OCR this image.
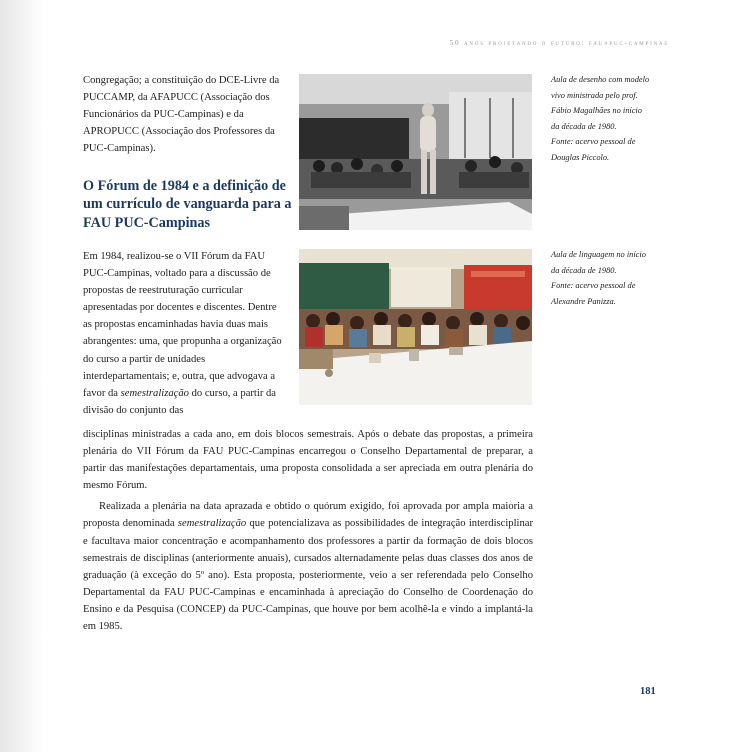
50 anos projetando o futuro: fau»puc-campinas

Congregação; a constituição do DCE-Livre da PUCCAMP, da AFAPUCC (Associação dos Funcionários da PUC-Campinas) e da APROPUCC (Associação dos Professores da PUC-Campinas).

O Fórum de 1984 e a definição de um currículo de vanguarda para a FAU PUC-Campinas

Em 1984, realizou-se o VII Fórum da FAU PUC-Campinas, voltado para a discussão de propostas de reestruturação curricular apresentadas por docentes e discentes. Dentre as propostas encaminhadas havia duas mais abrangentes: uma, que propunha a organização do curso a partir de unidades interdepartamentais; e, outra, que advogava a favor da semestralização do curso, a partir da divisão do conjunto das

disciplinas ministradas a cada ano, em dois blocos semestrais. Após o debate das propostas, a primeira plenária do VII Fórum da FAU PUC-Campinas encarregou o Conselho Departamental de preparar, a partir das manifestações departamentais, uma proposta consolidada a ser apreciada em outra plenária do mesmo Fórum.

Realizada a plenária na data aprazada e obtido o quórum exigido, foi aprovada por ampla maioria a proposta denominada semestralização que potencializava as possibilidades de integração interdisciplinar e facultava maior concentração e acompanhamento dos professores a partir da formação de dois blocos semestrais de disciplinas (anteriormente anuais), cursados alternadamente pelas duas classes dos anos de graduação (à exceção do 5º ano). Esta proposta, posteriormente, veio a ser referendada pelo Conselho Departamental da FAU PUC-Campinas e encaminhada à apreciação do Conselho de Coordenação do Ensino e da Pesquisa (CONCEP) da PUC-Campinas, que houve por bem acolhê-la e vindo a implantá-la em 1985.

Aula de desenho com modelo
vivo ministrada pelo prof.
Fábio Magalhães no início
da década de 1980.
Fonte: acervo pessoal de
Douglas Piccolo.
Aula de linguagem no início
da década de 1980.
Fonte: acervo pessoal de
Alexandre Panizza.
181
